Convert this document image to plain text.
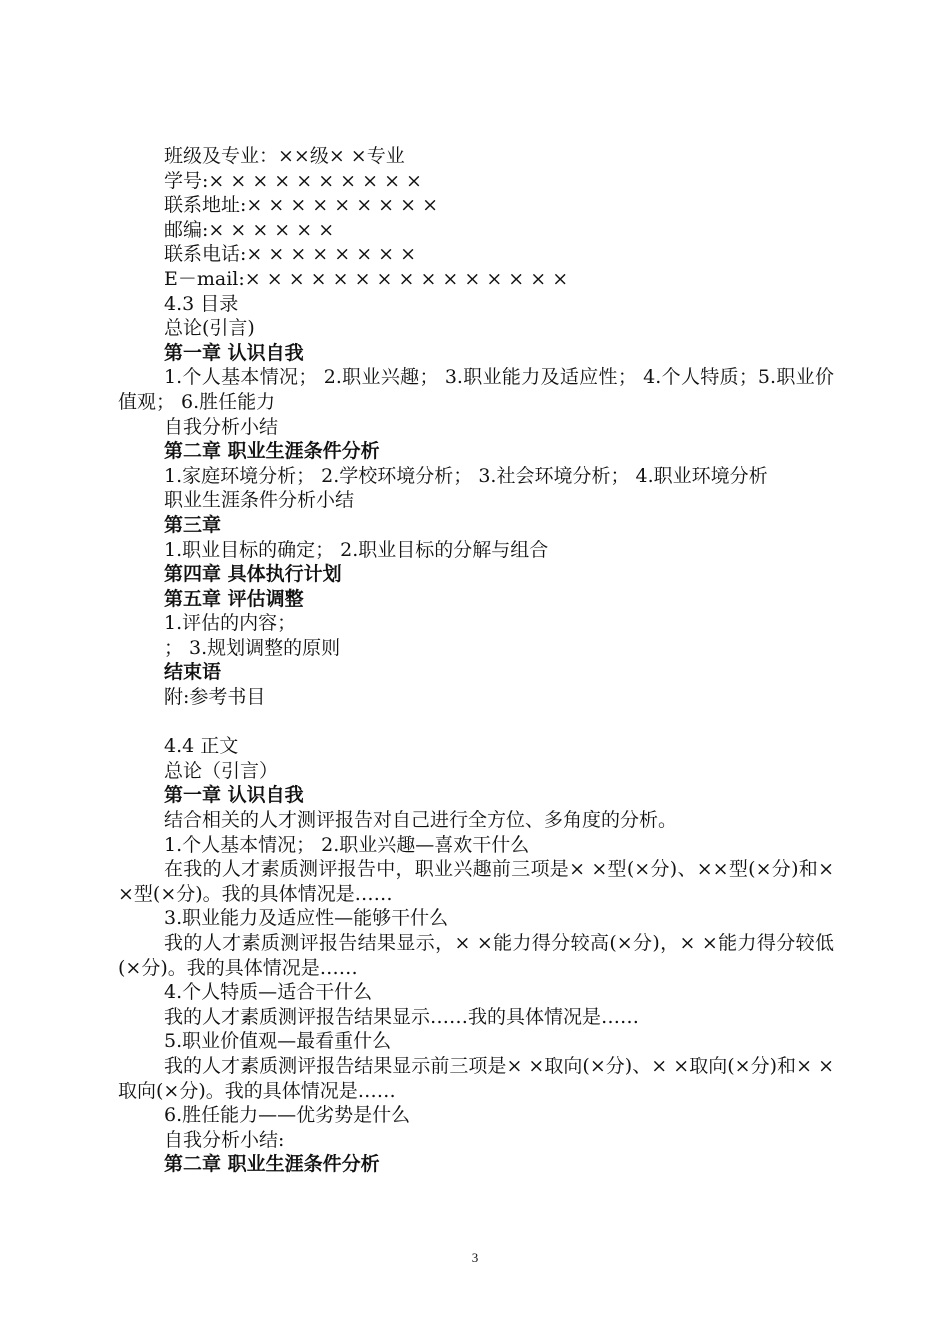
班级及专业：××级× ×专业
学号:× × × × × × × × × ×
联系地址:× × × × × × × × ×
邮编:× × × × × ×
联系电话:× × × × × × × ×
E－mail:× × × × × × × × × × × × × × ×
4.3 目录
总论(引言)
第一章 认识自我
1.个人基本情况； 2.职业兴趣； 3.职业能力及适应性； 4.个人特质；5.职业价值观； 6.胜任能力
自我分析小结
第二章 职业生涯条件分析
1.家庭环境分析； 2.学校环境分析； 3.社会环境分析； 4.职业环境分析
职业生涯条件分析小结
第三章
1.职业目标的确定； 2.职业目标的分解与组合
第四章 具体执行计划
第五章 评估调整
1.评估的内容；
； 3.规划调整的原则
结束语
附:参考书目
4.4 正文
总论（引言）
第一章 认识自我
结合相关的人才测评报告对自己进行全方位、多角度的分析。
1.个人基本情况； 2.职业兴趣—喜欢干什么
在我的人才素质测评报告中，职业兴趣前三项是× ×型(×分)、××型(×分)和× ×型(×分)。我的具体情况是……
3.职业能力及适应性—能够干什么
我的人才素质测评报告结果显示，× ×能力得分较高(×分)，× ×能力得分较低(×分)。我的具体情况是……
4.个人特质—适合干什么
我的人才素质测评报告结果显示……我的具体情况是……
5.职业价值观—最看重什么
我的人才素质测评报告结果显示前三项是× ×取向(×分)、× ×取向(×分)和× ×取向(×分)。我的具体情况是……
6.胜任能力——优劣势是什么
自我分析小结:
第二章 职业生涯条件分析
3
